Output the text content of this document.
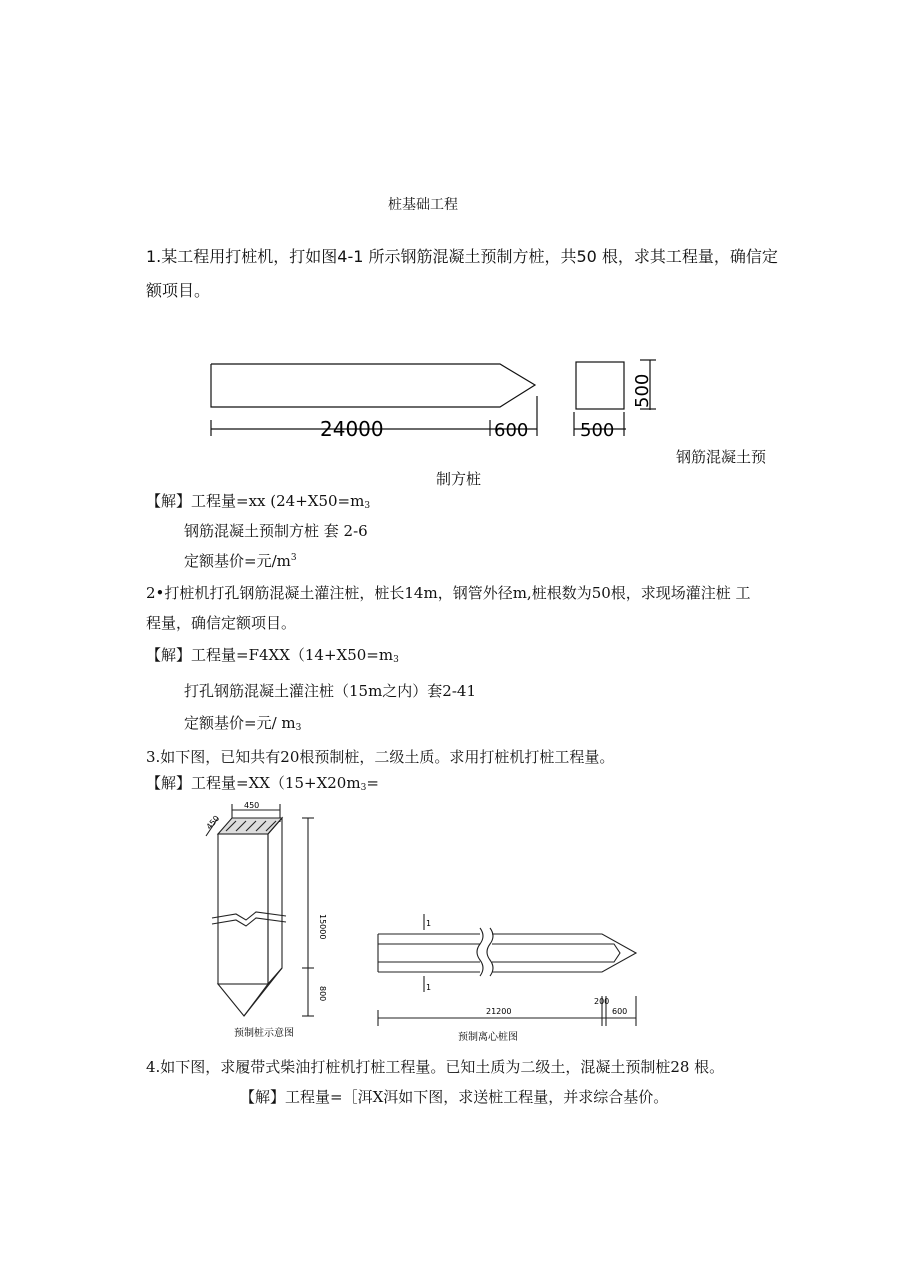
桩基础工程
1.某工程用打桩机，打如图4-1 所示钢筋混凝土预制方桩，共50 根，求其工程量，确信定
额项目。
24000	600	500
500
钢筋混凝土预
制方桩
【解】工程量=xx ($24+X50=m_3$
钢筋混凝土预制方桩 套 2-6
定额基价=元$/m^3$
2•打桩机打孔钢筋混凝土灌注桩，桩长14m，钢管外径m,桩根数为50根，求现场灌注桩 工
程量，确信定额项目。
【解】工程量$=F4XX(14+X50=m_3$
打孔钢筋混凝土灌注桩（15m之内）套2-41
定额基价=元/ $m_3$
3.如下图，已知共有20根预制桩，二级土质。求用打桩机打桩工程量。
【解】工程量$=XX(15+X20m_3=$
450
450
15000
800
1
1
21200
200
600
预制桩示意图	预制离心桩图
4.如下图，求履带式柴油打桩机打桩工程量。已知土质为二级土，混凝土预制桩28 根。
【解】工程量=［洱X洱如下图，求送桩工程量，并求综合基价。
